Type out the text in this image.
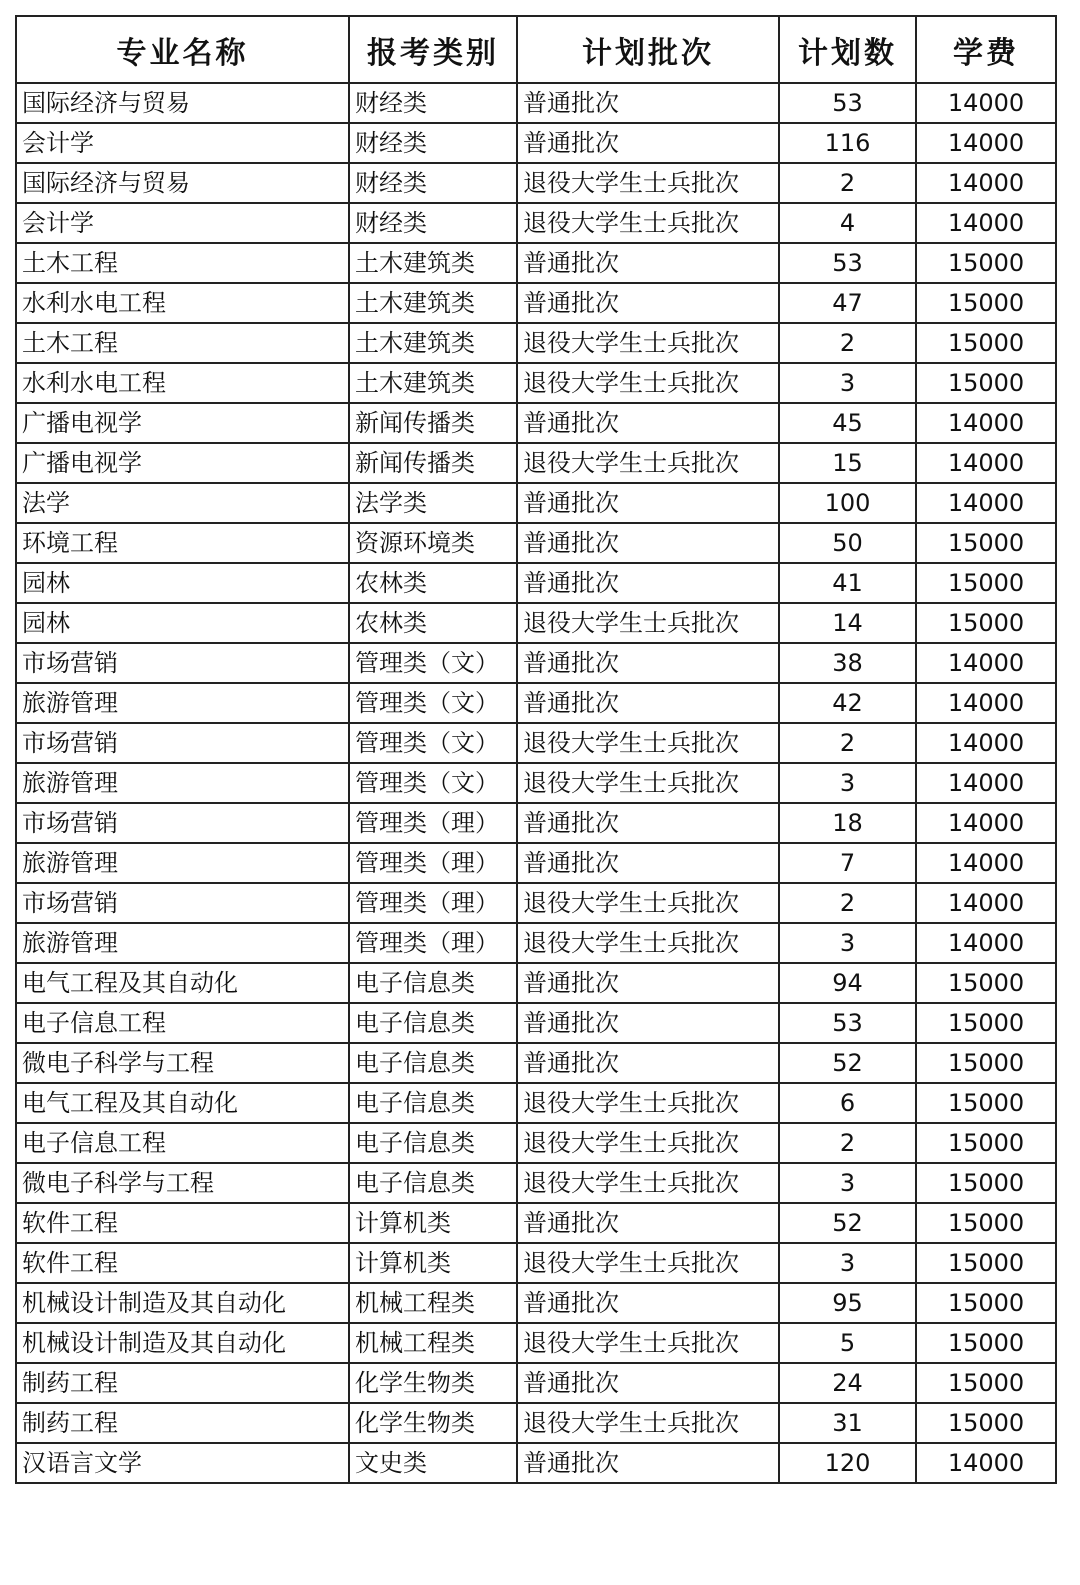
专业名称	报考类别	计划批次	计划数	学费
国际经济与贸易	财经类	普通批次	53	14000
会计学	财经类	普通批次	116	14000
国际经济与贸易	财经类	退役大学生士兵批次	2	14000
会计学	财经类	退役大学生士兵批次	4	14000
土木工程	土木建筑类	普通批次	53	15000
水利水电工程	土木建筑类	普通批次	47	15000
土木工程	土木建筑类	退役大学生士兵批次	2	15000
水利水电工程	土木建筑类	退役大学生士兵批次	3	15000
广播电视学	新闻传播类	普通批次	45	14000
广播电视学	新闻传播类	退役大学生士兵批次	15	14000
法学	法学类	普通批次	100	14000
环境工程	资源环境类	普通批次	50	15000
园林	农林类	普通批次	41	15000
园林	农林类	退役大学生士兵批次	14	15000
市场营销	管理类（文）	普通批次	38	14000
旅游管理	管理类（文）	普通批次	42	14000
市场营销	管理类（文）	退役大学生士兵批次	2	14000
旅游管理	管理类（文）	退役大学生士兵批次	3	14000
市场营销	管理类（理）	普通批次	18	14000
旅游管理	管理类（理）	普通批次	7	14000
市场营销	管理类（理）	退役大学生士兵批次	2	14000
旅游管理	管理类（理）	退役大学生士兵批次	3	14000
电气工程及其自动化	电子信息类	普通批次	94	15000
电子信息工程	电子信息类	普通批次	53	15000
微电子科学与工程	电子信息类	普通批次	52	15000
电气工程及其自动化	电子信息类	退役大学生士兵批次	6	15000
电子信息工程	电子信息类	退役大学生士兵批次	2	15000
微电子科学与工程	电子信息类	退役大学生士兵批次	3	15000
软件工程	计算机类	普通批次	52	15000
软件工程	计算机类	退役大学生士兵批次	3	15000
机械设计制造及其自动化	机械工程类	普通批次	95	15000
机械设计制造及其自动化	机械工程类	退役大学生士兵批次	5	15000
制药工程	化学生物类	普通批次	24	15000
制药工程	化学生物类	退役大学生士兵批次	31	15000
汉语言文学	文史类	普通批次	120	14000
